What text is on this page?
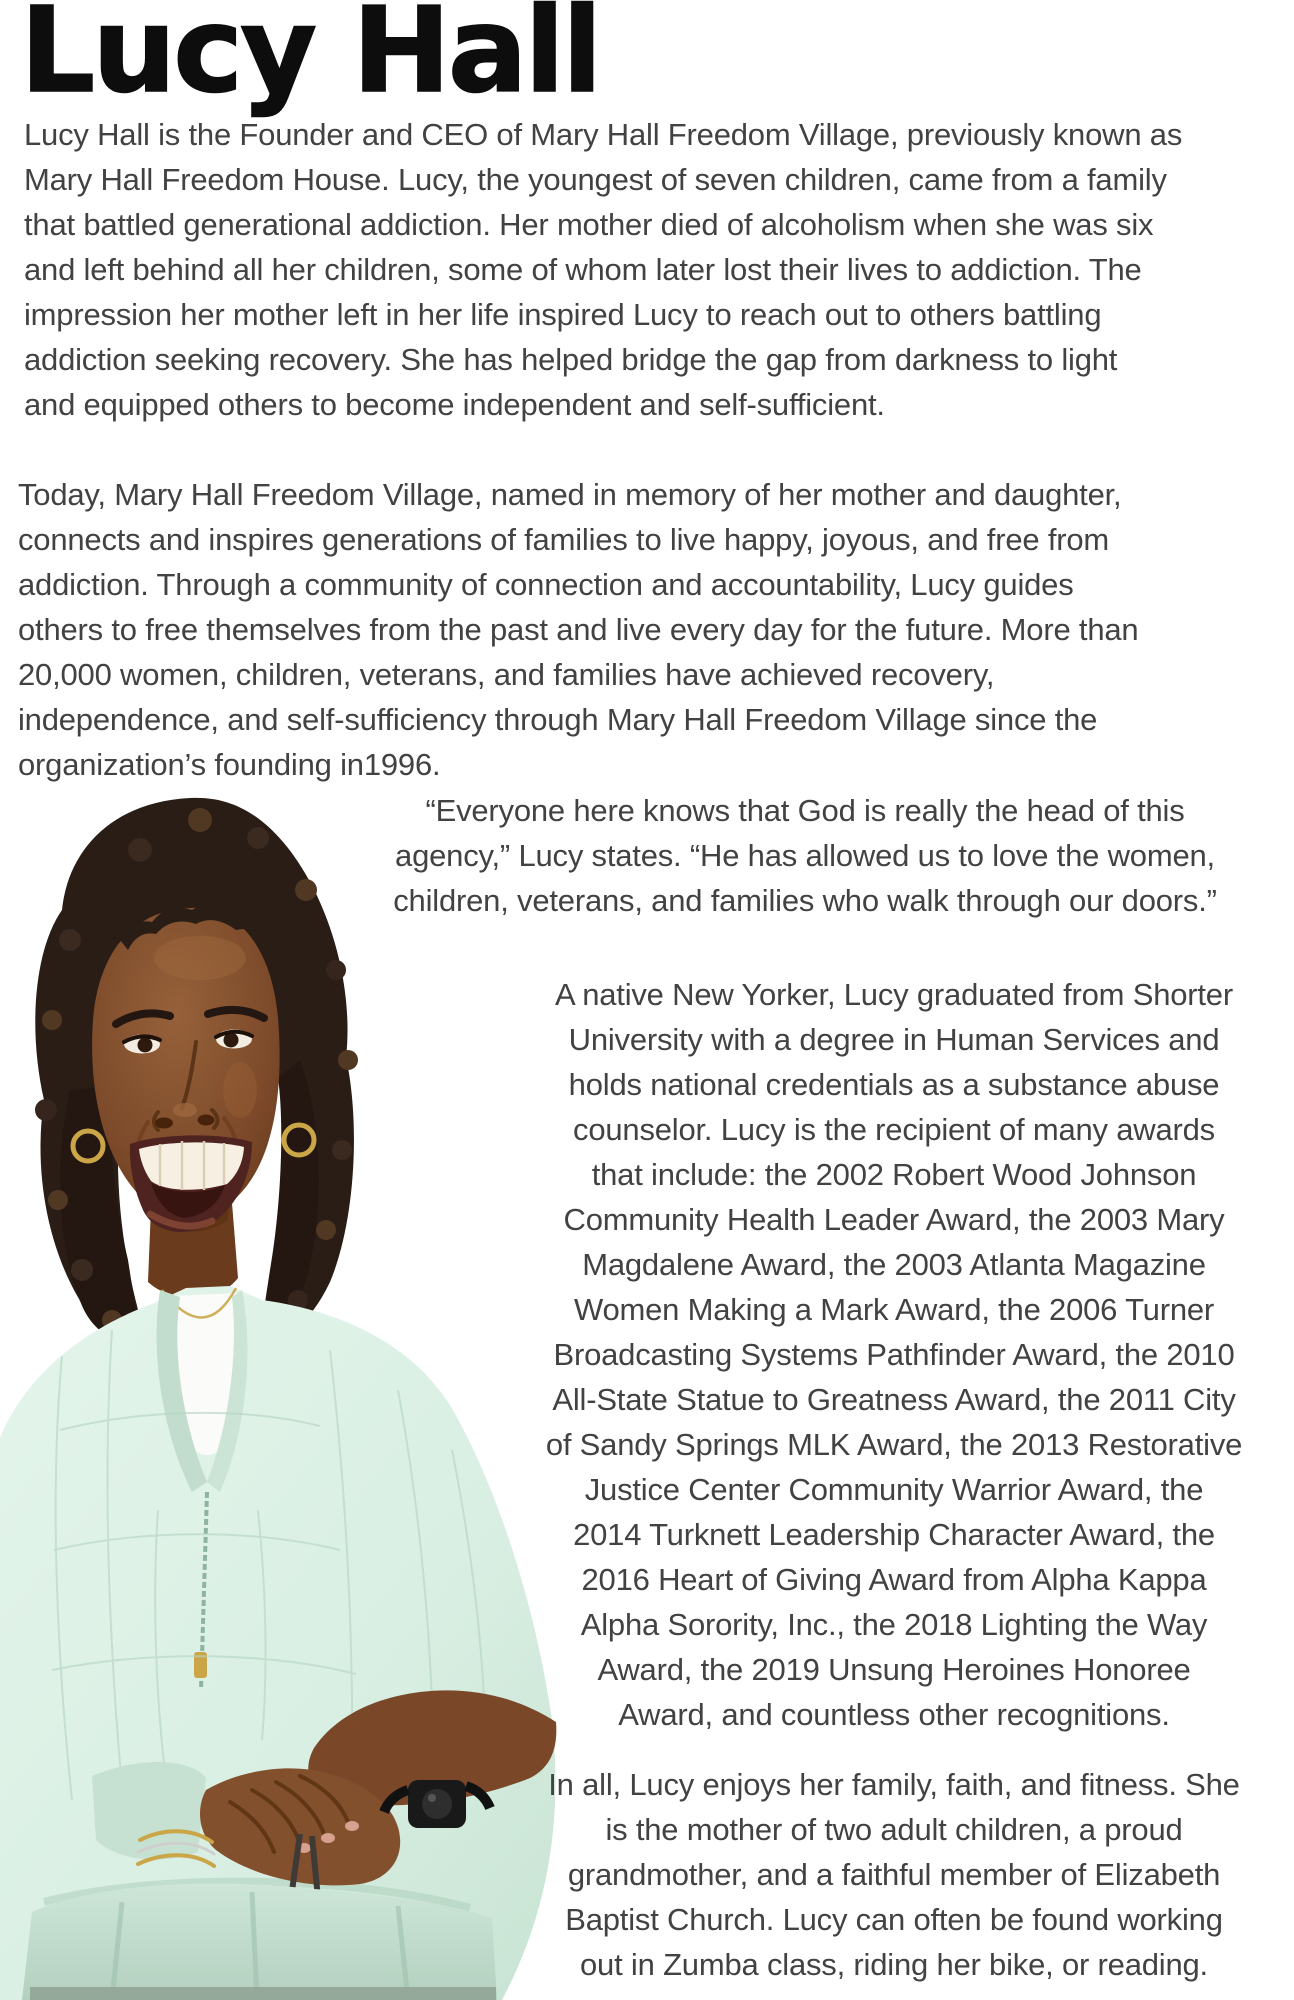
Lucy Hall
Lucy Hall is the Founder and CEO of Mary Hall Freedom Village, previously known as
Mary Hall Freedom House. Lucy, the youngest of seven children, came from a family
that battled generational addiction. Her mother died of alcoholism when she was six
and left behind all her children, some of whom later lost their lives to addiction. The
impression her mother left in her life inspired Lucy to reach out to others battling
addiction seeking recovery. She has helped bridge the gap from darkness to light
and equipped others to become independent and self-sufficient.
Today, Mary Hall Freedom Village, named in memory of her mother and daughter,
connects and inspires generations of families to live happy, joyous, and free from
addiction. Through a community of connection and accountability, Lucy guides
others to free themselves from the past and live every day for the future. More than
20,000 women, children, veterans, and families have achieved recovery,
independence, and self-sufficiency through Mary Hall Freedom Village since the
organization’s founding in1996.
“Everyone here knows that God is really the head of this
agency,” Lucy states. “He has allowed us to love the women,
children, veterans, and families who walk through our doors.”
A native New Yorker, Lucy graduated from Shorter
University with a degree in Human Services and
holds national credentials as a substance abuse
counselor. Lucy is the recipient of many awards
that include: the 2002 Robert Wood Johnson
Community Health Leader Award, the 2003 Mary
Magdalene Award, the 2003 Atlanta Magazine
Women Making a Mark Award, the 2006 Turner
Broadcasting Systems Pathfinder Award, the 2010
All-State Statue to Greatness Award, the 2011 City
of Sandy Springs MLK Award, the 2013 Restorative
Justice Center Community Warrior Award, the
2014 Turknett Leadership Character Award, the
2016 Heart of Giving Award from Alpha Kappa
Alpha Sorority, Inc., the 2018 Lighting the Way
Award, the 2019 Unsung Heroines Honoree
Award, and countless other recognitions.
In all, Lucy enjoys her family, faith, and fitness. She
is the mother of two adult children, a proud
grandmother, and a faithful member of Elizabeth
Baptist Church. Lucy can often be found working
out in Zumba class, riding her bike, or reading.
